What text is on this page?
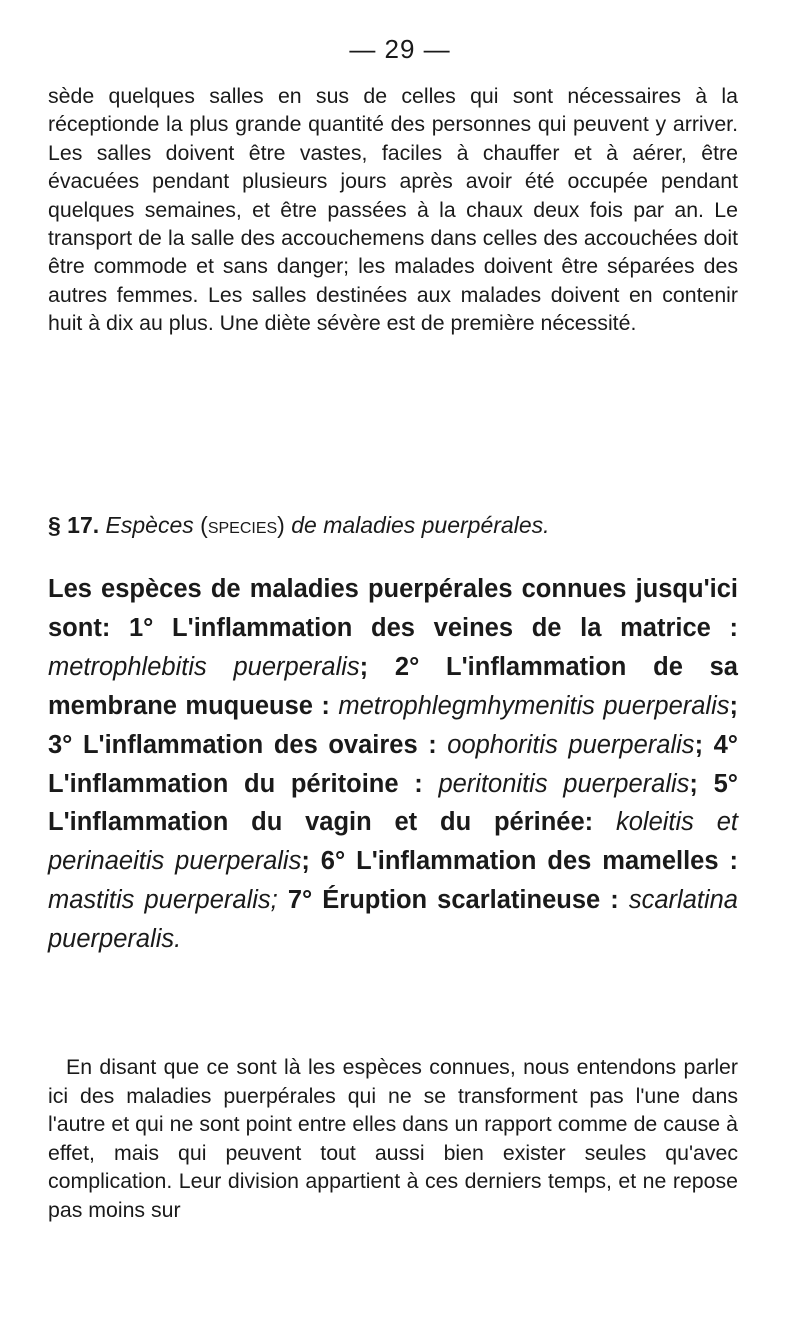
— 29 —
sède quelques salles en sus de celles qui sont nécessaires à la réceptionde la plus grande quantité des personnes qui peuvent y arriver. Les salles doivent être vastes, faciles à chauffer et à aérer, être évacuées pendant plusieurs jours après avoir été occupée pendant quelques semaines, et être passées à la chaux deux fois par an. Le transport de la salle des accouchemens dans celles des accouchées doit être commode et sans danger; les malades doivent être séparées des autres femmes. Les salles destinées aux malades doivent en contenir huit à dix au plus. Une diète sévère est de première nécessité.
§ 17. Espèces (species) de maladies puerpérales.
Les espèces de maladies puerpérales connues jusqu'ici sont: 1° L'inflammation des veines de la matrice : metrophlebitis puerperalis; 2° L'inflammation de sa membrane muqueuse : metrophlegmhymenitis puerperalis; 3° L'inflammation des ovaires : oophoritis puerperalis; 4° L'inflammation du péritoine : peritonitis puerperalis; 5° L'inflammation du vagin et du périnée: koleitis et perinaeitis puerperalis; 6° L'inflammation des mamelles : mastitis puerperalis; 7° Éruption scarlatineuse : scarlatina puerperalis.
En disant que ce sont là les espèces connues, nous entendons parler ici des maladies puerpérales qui ne se transforment pas l'une dans l'autre et qui ne sont point entre elles dans un rapport comme de cause à effet, mais qui peuvent tout aussi bien exister seules qu'avec complication. Leur division appartient à ces derniers temps, et ne repose pas moins sur
